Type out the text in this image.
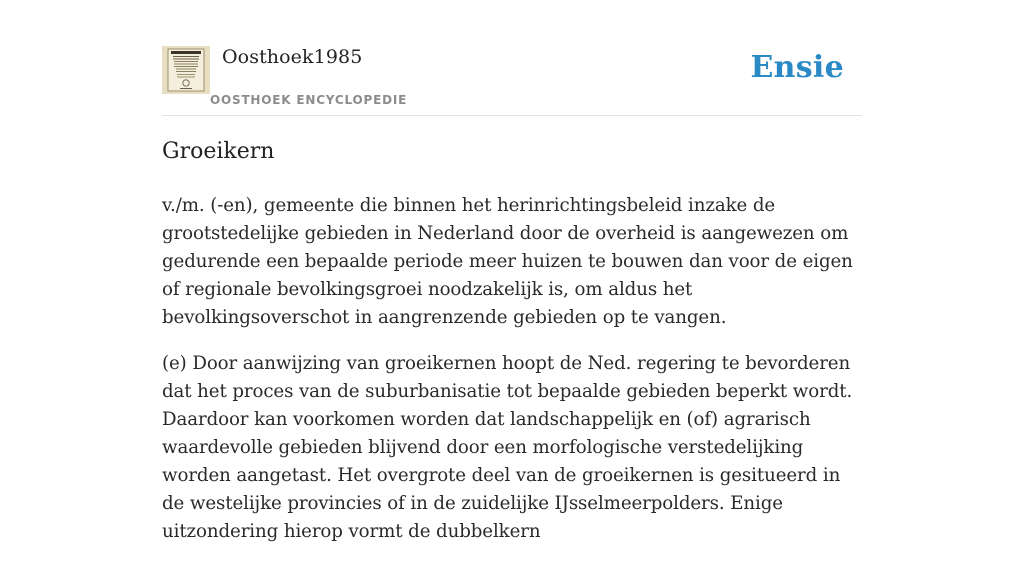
Oosthoek1985
OOSTHOEK ENCYCLOPEDIE
Ensie
Groeikern

v./m. (-en), gemeente die binnen het herinrichtingsbeleid inzake de grootstedelijke gebieden in Nederland door de overheid is aangewezen om gedurende een bepaalde periode meer huizen te bouwen dan voor de eigen of regionale bevolkingsgroei noodzakelijk is, om aldus het bevolkingsoverschot in aangrenzende gebieden op te vangen.

(e) Door aanwijzing van groeikernen hoopt de Ned. regering te bevorderen dat het proces van de suburbanisatie tot bepaalde gebieden beperkt wordt. Daardoor kan voorkomen worden dat landschappelijk en (of) agrarisch waardevolle gebieden blijvend door een morfologische verstedelijking worden aangetast. Het overgrote deel van de groeikernen is gesitueerd in de westelijke provincies of in de zuidelijke IJsselmeerpolders. Enige uitzondering hierop vormt de dubbelkern
